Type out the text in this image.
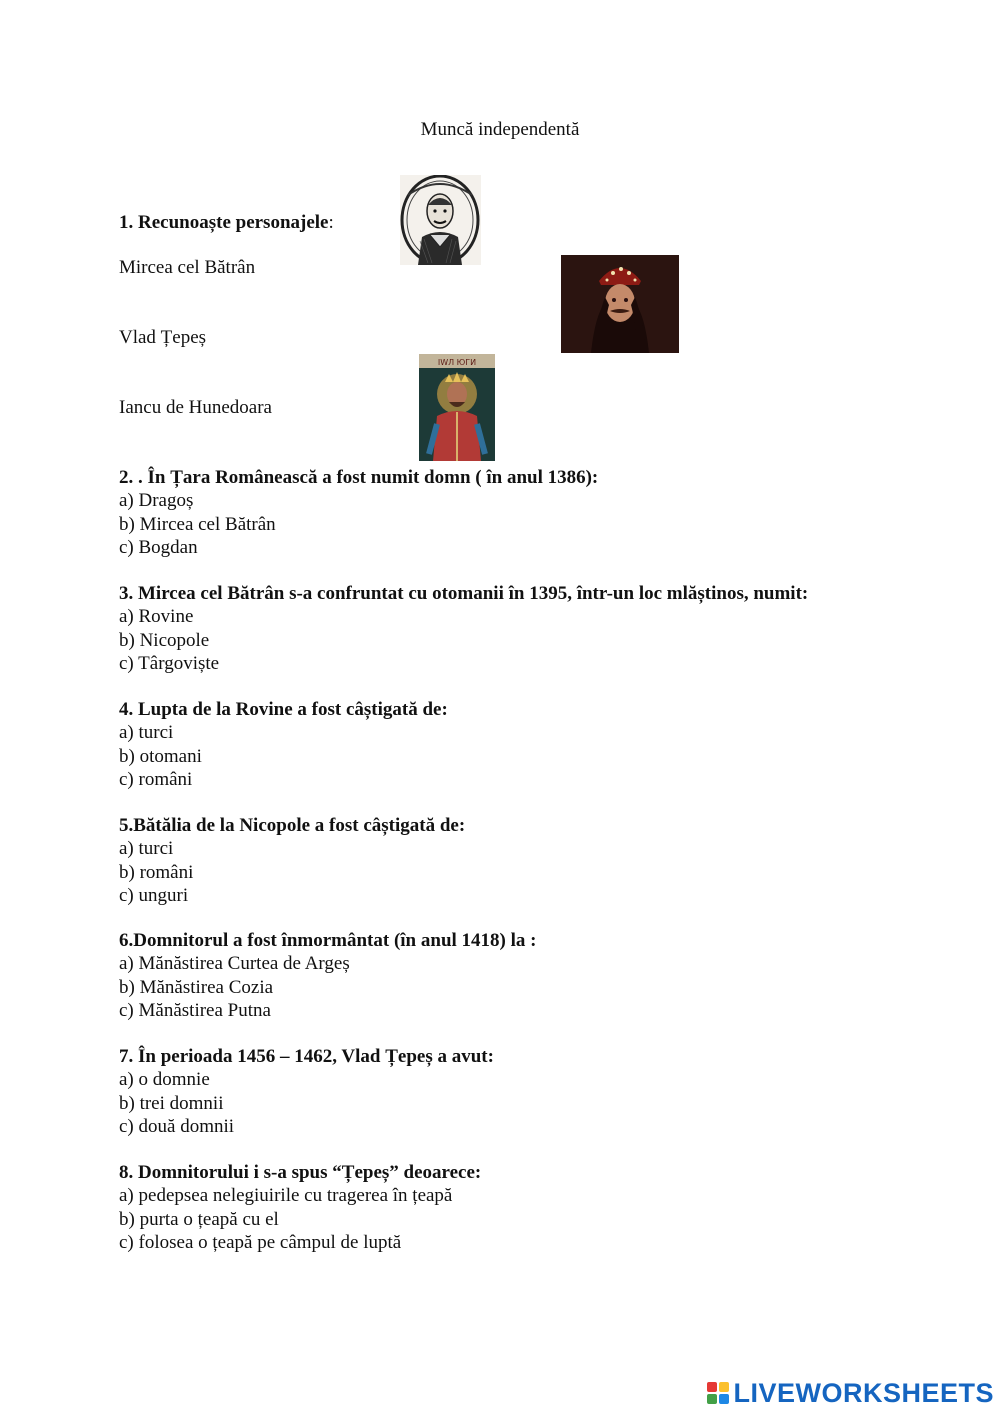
Muncă independentă
1. Recunoaște personajele:
Mircea cel Bătrân
Vlad Țepeș
Iancu de Hunedoara
IWЛ ЮГИ
2. . În Țara Românească a fost numit domn ( în anul 1386):
a) Dragoș
b) Mircea cel Bătrân
c) Bogdan
3. Mircea cel Bătrân s-a confruntat cu otomanii în 1395, într-un loc mlăștinos, numit:
a) Rovine
b) Nicopole
c) Târgoviște
4. Lupta de la Rovine a fost câștigată de:
a) turci
b) otomani
c) români
5.Bătălia de la Nicopole a fost câștigată de:
a) turci
b) români
c) unguri
6.Domnitorul a fost înmormântat (în anul 1418) la :
a) Mănăstirea Curtea de Argeș
b) Mănăstirea Cozia
c) Mănăstirea Putna
7. În perioada 1456 – 1462, Vlad Țepeș a avut:
a) o domnie
b) trei domnii
c) două domnii
8. Domnitorului i s-a spus “Țepeș” deoarece:
a) pedepsea nelegiuirile cu tragerea în țeapă
b) purta o țeapă cu el
c) folosea o țeapă pe câmpul de luptă
LIVEWORKSHEETS
